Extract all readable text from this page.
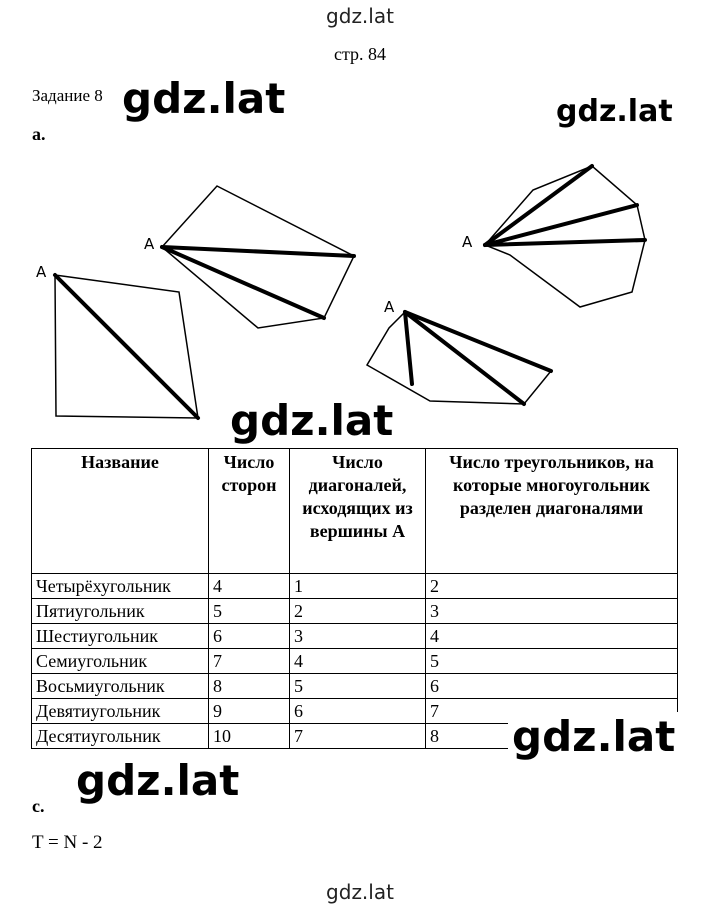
gdz.lat
стр. 84
Задание 8 gdz.lat	gdz.lat
a.
A
A
A
A
gdz.lat
Название	Число сторон	Число диагоналей, исходящих из вершины A	Число треугольников, на которые многоугольник разделен диагоналями
Четырёхугольник	4	1	2
Пятиугольник	5	2	3
Шестиугольник	6	3	4
Семиугольник	7	4	5
Восьмиугольник	8	5	6
Девятиугольник	9	6	7
Десятиугольник	10	7	8 gdz.lat
gdz.lat
c.
T = N - 2
gdz.lat
